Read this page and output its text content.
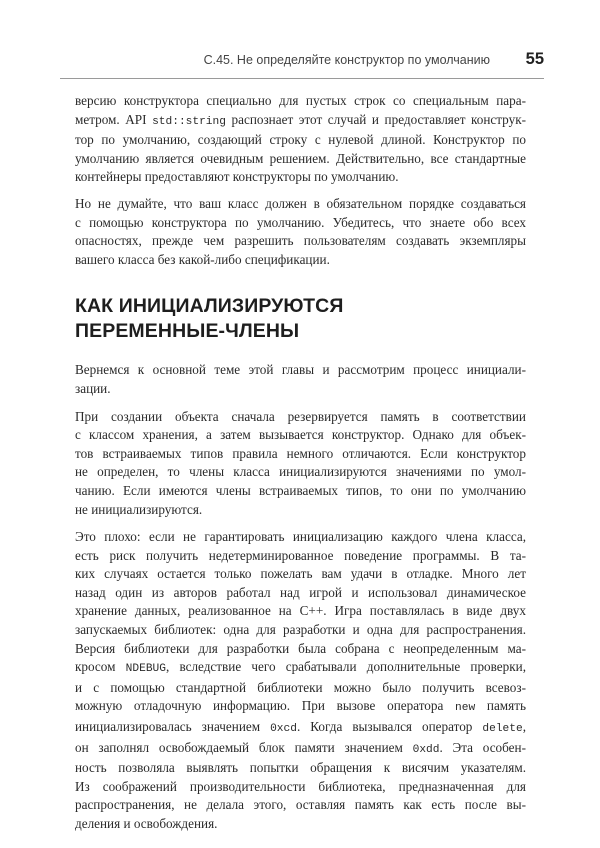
C.45. Не определяйте конструктор по умолчанию 55

версию конструктора специально для пустых строк со специальным пара-
метром. API std::string распознает этот случай и предоставляет конструк-
тор по умолчанию, создающий строку с нулевой длиной. Конструктор по
умолчанию является очевидным решением. Действительно, все стандартные
контейнеры предоставляют конструкторы по умолчанию.

Но не думайте, что ваш класс должен в обязательном порядке создаваться
с помощью конструктора по умолчанию. Убедитесь, что знаете обо всех
опасностях, прежде чем разрешить пользователям создавать экземпляры
вашего класса без какой-либо спецификации.

КАК ИНИЦИАЛИЗИРУЮТСЯ
ПЕРЕМЕННЫЕ-ЧЛЕНЫ

Вернемся к основной теме этой главы и рассмотрим процесс инициали-
зации.

При создании объекта сначала резервируется память в соответствии
с классом хранения, а затем вызывается конструктор. Однако для объек-
тов встраиваемых типов правила немного отличаются. Если конструктор
не определен, то члены класса инициализируются значениями по умол-
чанию. Если имеются члены встраиваемых типов, то они по умолчанию
не инициализируются.

Это плохо: если не гарантировать инициализацию каждого члена класса,
есть риск получить недетерминированное поведение программы. В та-
ких случаях остается только пожелать вам удачи в отладке. Много лет
назад один из авторов работал над игрой и использовал динамическое
хранение данных, реализованное на C++. Игра поставлялась в виде двух
запускаемых библиотек: одна для разработки и одна для распространения.
Версия библиотеки для разработки была собрана с неопределенным ма-
кросом NDEBUG, вследствие чего срабатывали дополнительные проверки,
и с помощью стандартной библиотеки можно было получить всевоз-
можную отладочную информацию. При вызове оператора new память
инициализировалась значением 0xcd. Когда вызывался оператор delete,
он заполнял освобождаемый блок памяти значением 0xdd. Эта особен-
ность позволяла выявлять попытки обращения к висячим указателям.
Из соображений производительности библиотека, предназначенная для
распространения, не делала этого, оставляя память как есть после вы-
деления и освобождения.
